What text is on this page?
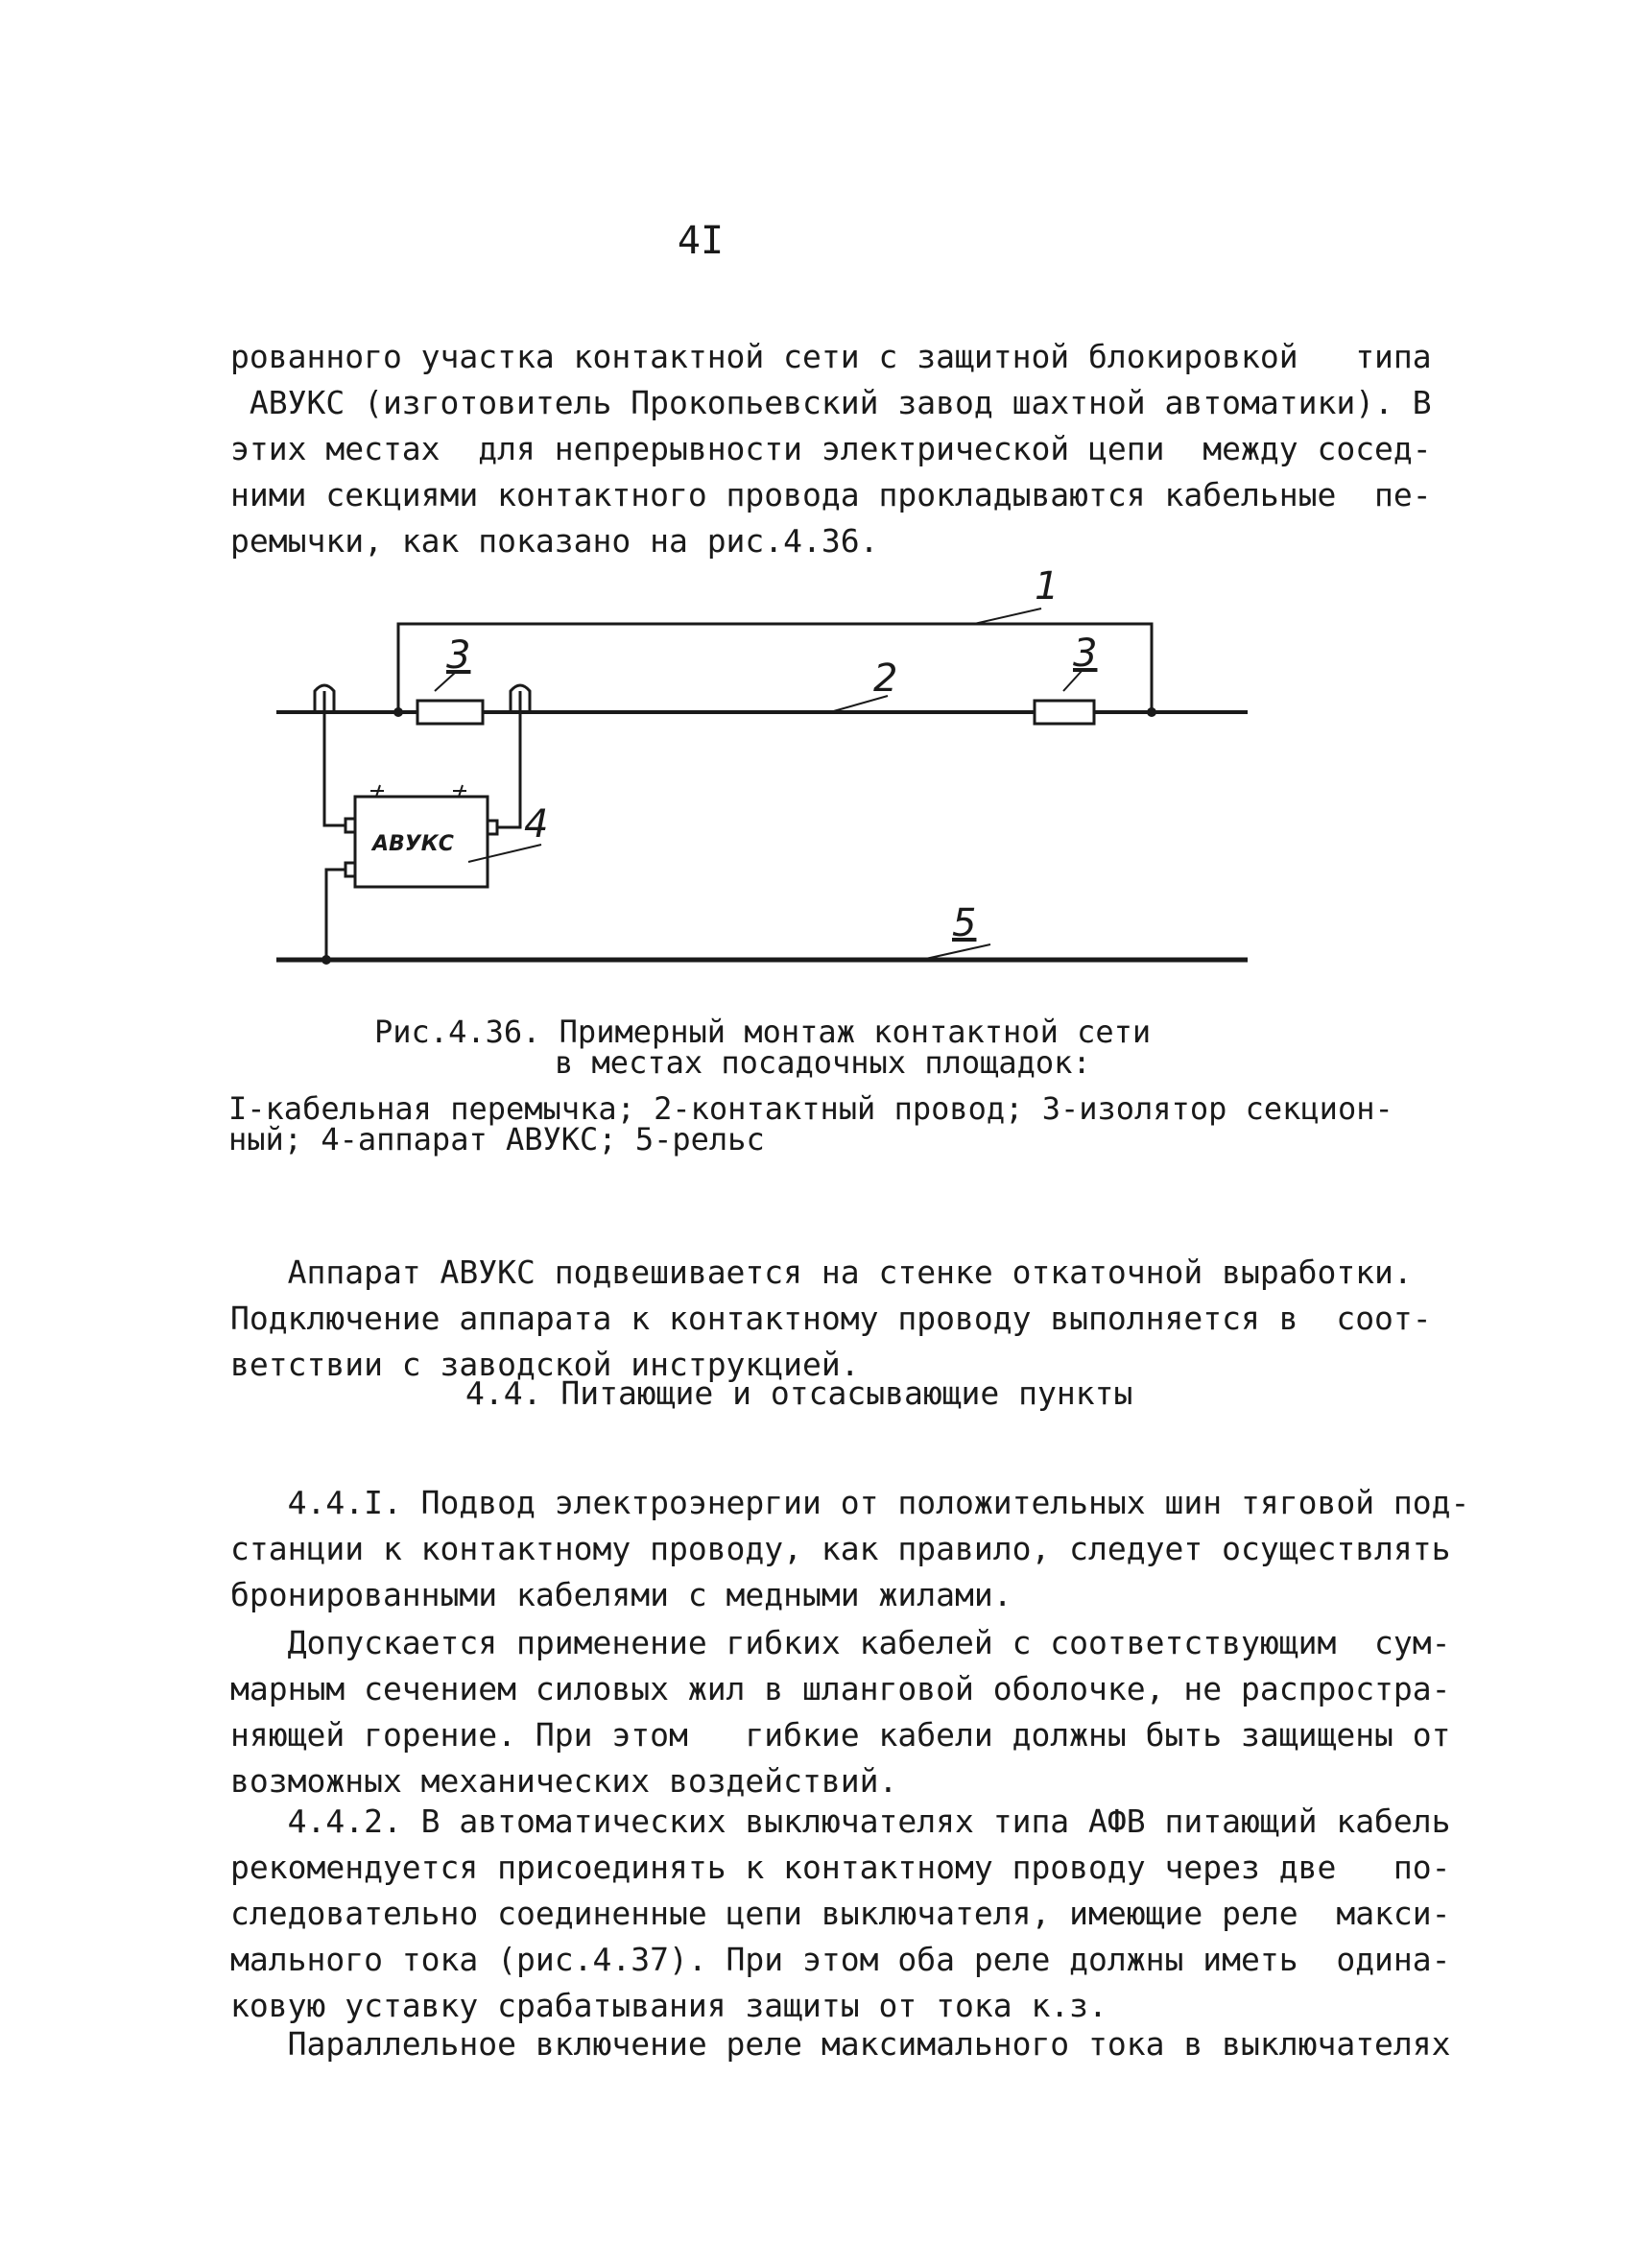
4I

рованного участка контактной сети с защитной блокировкой   типа
АВУКС (изготовитель Прокопьевский завод шахтной автоматики). В
этих местах  для непрерывности электрической цепи  между сосед-
ними секциями контактного провода прокладываются кабельные  пе-
ремычки, как показано на рис.4.36.

1
2
3	3
4
5
АВУКС
Рис.4.36. Примерный монтаж контактной сети
в местах посадочных площадок:
I-кабельная перемычка; 2-контактный провод; 3-изолятор секцион-
ный; 4-аппарат АВУКС; 5-рельс

Аппарат АВУКС подвешивается на стенке откаточной выработки.
Подключение аппарата к контактному проводу выполняется в  соот-
ветствии с заводской инструкцией.

4.4. Питающие и отсасывающие пункты

4.4.I. Подвод электроэнергии от положительных шин тяговой под-
станции к контактному проводу, как правило, следует осуществлять
бронированными кабелями с медными жилами.

Допускается применение гибких кабелей с соответствующим  сум-
марным сечением силовых жил в шланговой оболочке, не распростра-
няющей горение. При этом   гибкие кабели должны быть защищены от
возможных механических воздействий.

4.4.2. В автоматических выключателях типа АФВ питающий кабель
рекомендуется присоединять к контактному проводу через две   по-
следовательно соединенные цепи выключателя, имеющие реле  макси-
мального тока (рис.4.37). При этом оба реле должны иметь  одина-
ковую уставку срабатывания защиты от тока к.з.

Параллельное включение реле максимального тока в выключателях
